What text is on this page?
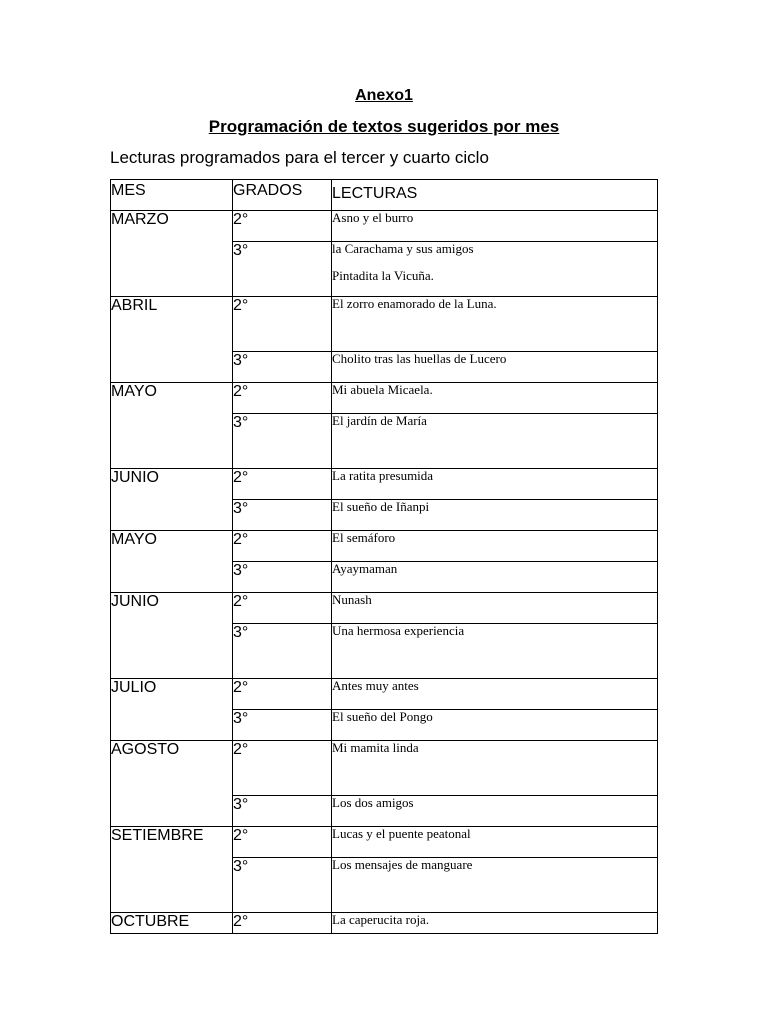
Anexo1
Programación de textos sugeridos por mes
Lecturas programados para el tercer y cuarto ciclo
MES	GRADOS	LECTURAS
MARZO	2°	Asno y el burro

	3°	la Carachama y sus amigos
Pintadita la Vicuña.

ABRIL	2°	El zorro enamorado de la Luna.

	3°	Cholito tras las huellas de Lucero

MAYO	2°	Mi abuela Micaela.

	3°	El jardín de María

JUNIO	2°	La ratita presumida

	3°	El sueño de Iñanpi

MAYO	2°	El semáforo

	3°	Ayaymaman

JUNIO	2°	Nunash

	3°	Una hermosa experiencia

JULIO	2°	Antes muy antes

	3°	El sueño del Pongo

AGOSTO	2°	Mi mamita linda

	3°	Los dos amigos

SETIEMBRE	2°	Lucas y el puente peatonal

	3°	Los mensajes de manguare

OCTUBRE	2°	La caperucita roja.
